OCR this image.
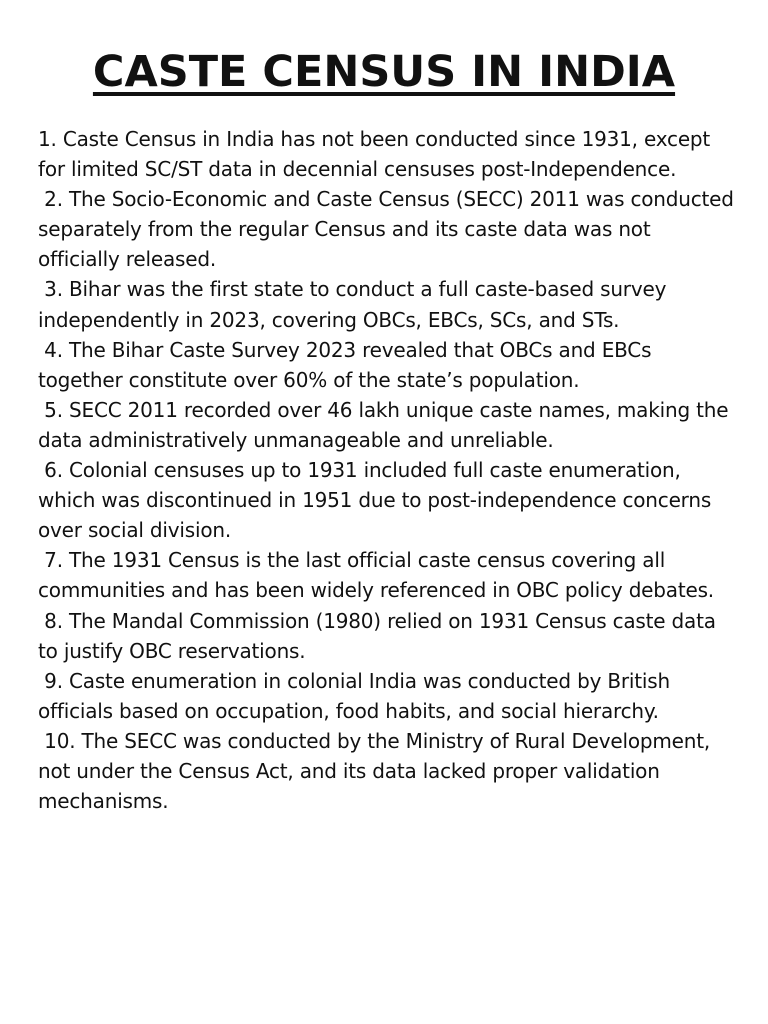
CASTE CENSUS IN INDIA

1. Caste Census in India has not been conducted since 1931, except for limited SC/ST data in decennial censuses post-Independence.

2. The Socio-Economic and Caste Census (SECC) 2011 was conducted separately from the regular Census and its caste data was not officially released.

3. Bihar was the first state to conduct a full caste-based survey independently in 2023, covering OBCs, EBCs, SCs, and STs.

4. The Bihar Caste Survey 2023 revealed that OBCs and EBCs together constitute over 60% of the state’s population.

5. SECC 2011 recorded over 46 lakh unique caste names, making the data administratively unmanageable and unreliable.

6. Colonial censuses up to 1931 included full caste enumeration, which was discontinued in 1951 due to post-independence concerns over social division.

7. The 1931 Census is the last official caste census covering all communities and has been widely referenced in OBC policy debates.

8. The Mandal Commission (1980) relied on 1931 Census caste data to justify OBC reservations.

9. Caste enumeration in colonial India was conducted by British officials based on occupation, food habits, and social hierarchy.

10. The SECC was conducted by the Ministry of Rural Development, not under the Census Act, and its data lacked proper validation mechanisms.
